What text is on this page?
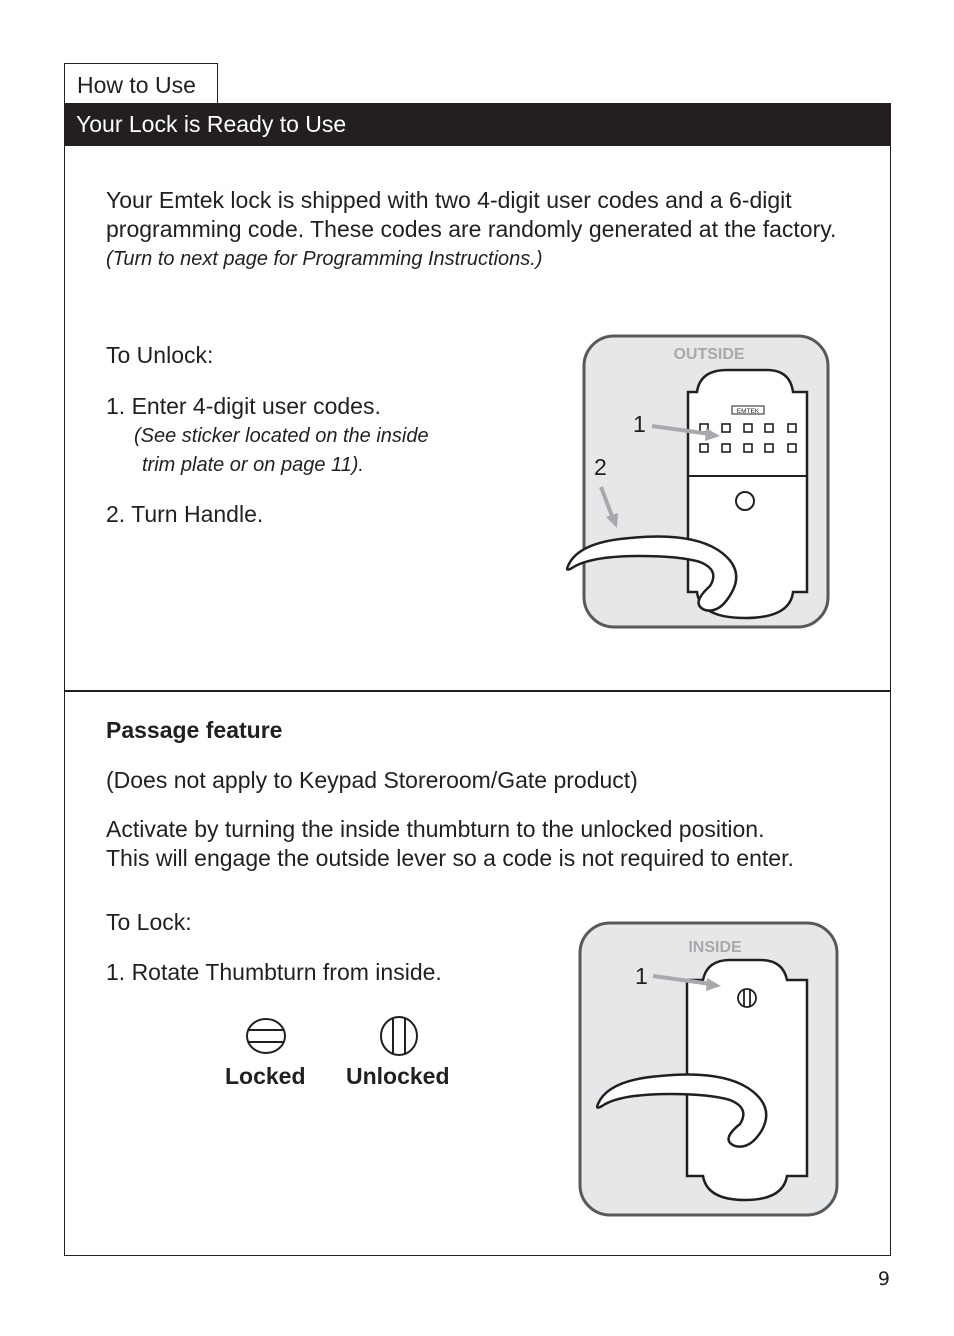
How to Use
Your Lock is Ready to Use
Your Emtek lock is shipped with two 4-digit user codes and a 6-digit
programming code. These codes are randomly generated at the factory.
(Turn to next page for Programming Instructions.)
To Unlock:
1. Enter 4-digit user codes.
(See sticker located on the inside
trim plate or on page 11).
2. Turn Handle.
OUTSIDE
EMTEK
1
2
Passage feature
(Does not apply to Keypad Storeroom/Gate product)
Activate by turning the inside thumbturn to the unlocked position.
This will engage the outside lever so a code is not required to enter.
To Lock:
1. Rotate Thumbturn from inside.
Locked Unlocked
INSIDE
1
9
